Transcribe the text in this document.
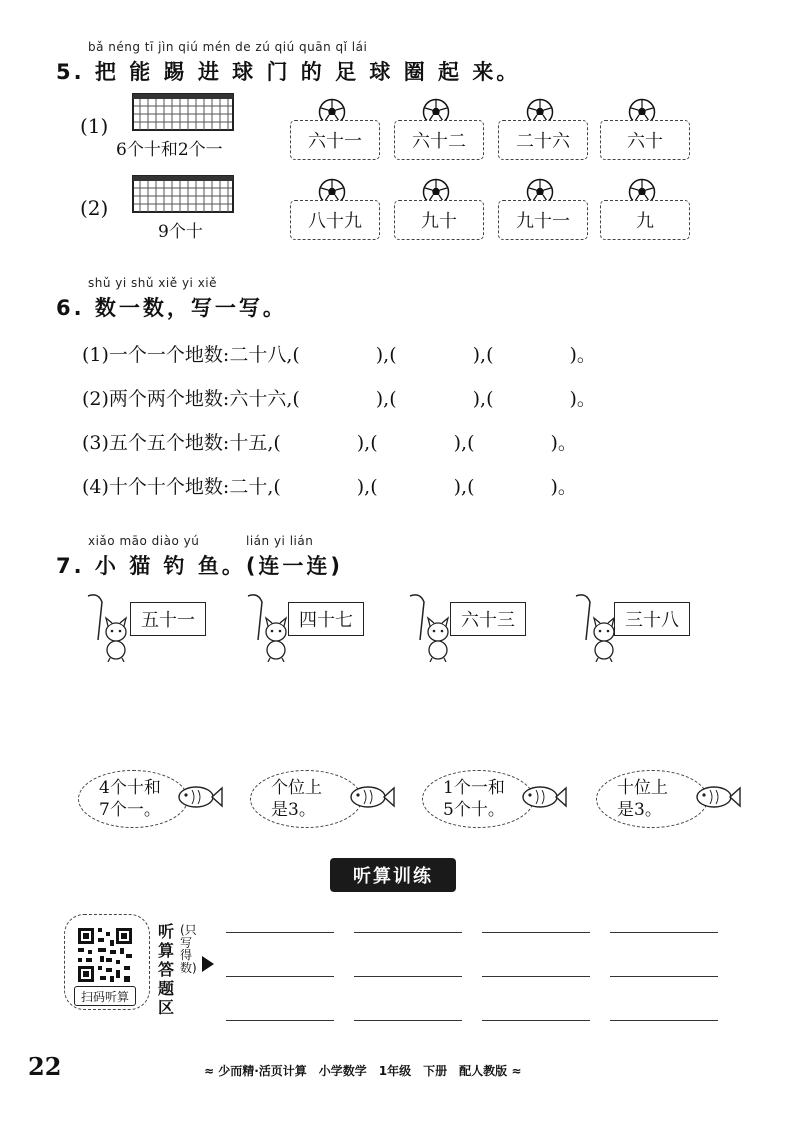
bǎ néng tī jìn qiú mén de zú qiú quān qǐ lái
5. 把 能 踢 进 球 门 的 足 球 圈 起 来。
(1)
6个十和2个一	六十一	六十二	二十六	六十
(2)
9个十	八十九	九十	九十一	九
shǔ yi shǔ xiě yi xiě
6. 数一数，写一写。
(1)一个一个地数:二十八,(　　　　),(　　　　),(　　　　)。
(2)两个两个地数:六十六,(　　　　),(　　　　),(　　　　)。
(3)五个五个地数:十五,(　　　　),(　　　　),(　　　　)。
(4)十个十个地数:二十,(　　　　),(　　　　),(　　　　)。
xiǎo māo diào yú	lián yi lián
7. 小 猫 钓 鱼。(连一连)
五十一	四十七	六十三	三十八
4个十和
7个一。
个位上
是3。
1个一和
5个十。
十位上
是3。
听算训练
扫码听算
听算答题区
(只写得数)
22	≈ 少而精·活页计算　小学数学　1年级　下册　配人教版 ≈
